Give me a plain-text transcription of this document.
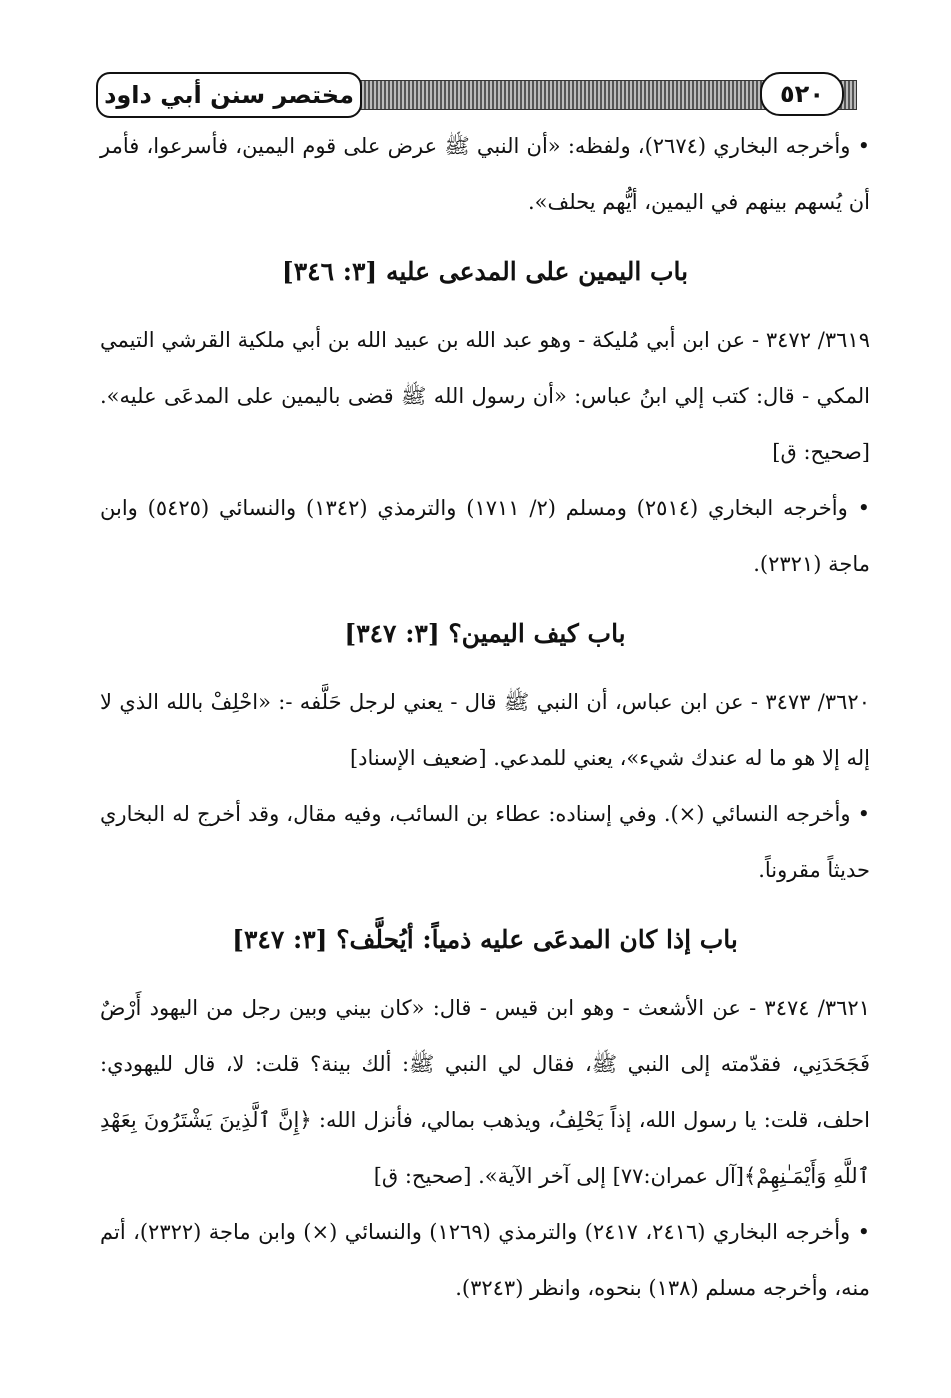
مختصر سنن أبي داود	٥٢٠

• وأخرجه البخاري (٢٦٧٤)، ولفظه: «أن النبي ﷺ عرض على قوم اليمين، فأسرعوا، فأمر أن يُسهم بينهم في اليمين، أيُّهم يحلف».

باب اليمين على المدعى عليه [٣: ٣٤٦]

٣٦١٩/ ٣٤٧٢ - عن ابن أبي مُليكة - وهو عبد الله بن عبيد الله بن أبي ملكية القرشي التيمي المكي - قال: كتب إلي ابنُ عباس: «أن رسول الله ﷺ قضى باليمين على المدعَى عليه». [صحيح: ق]

• وأخرجه البخاري (٢٥١٤) ومسلم (٢/ ١٧١١) والترمذي (١٣٤٢) والنسائي (٥٤٢٥) وابن ماجة (٢٣٢١).

باب كيف اليمين؟ [٣: ٣٤٧]

٣٦٢٠/ ٣٤٧٣ - عن ابن عباس، أن النبي ﷺ قال - يعني لرجل حَلَّفه -: «احْلِفْ بالله الذي لا إله إلا هو ما له عندك شيء»، يعني للمدعي. [ضعيف الإسناد]

• وأخرجه النسائي (×). وفي إسناده: عطاء بن السائب، وفيه مقال، وقد أخرج له البخاري حديثاً مقروناً.

باب إذا كان المدعَى عليه ذمياً: أيُحلَّف؟ [٣: ٣٤٧]

٣٦٢١/ ٣٤٧٤ - عن الأشعث - وهو ابن قيس - قال: «كان بيني وبين رجل من اليهود أَرْضٌ فَجَحَدَنِي، فقدّمته إلى النبي ﷺ، فقال لي النبي ﷺ: ألك بينة؟ قلت: لا، قال لليهودي: احلف، قلت: يا رسول الله، إذاً يَحْلِفُ، ويذهب بمالي، فأنزل الله: ﴿إِنَّ ٱلَّذِينَ يَشْتَرُونَ بِعَهْدِ ٱللَّهِ وَأَيْمَـٰنِهِمْ﴾[آل عمران:٧٧] إلى آخر الآية». [صحيح: ق]

• وأخرجه البخاري (٢٤١٦، ٢٤١٧) والترمذي (١٢٦٩) والنسائي (×) وابن ماجة (٢٣٢٢)، أتم منه، وأخرجه مسلم (١٣٨) بنحوه، وانظر (٣٢٤٣).
